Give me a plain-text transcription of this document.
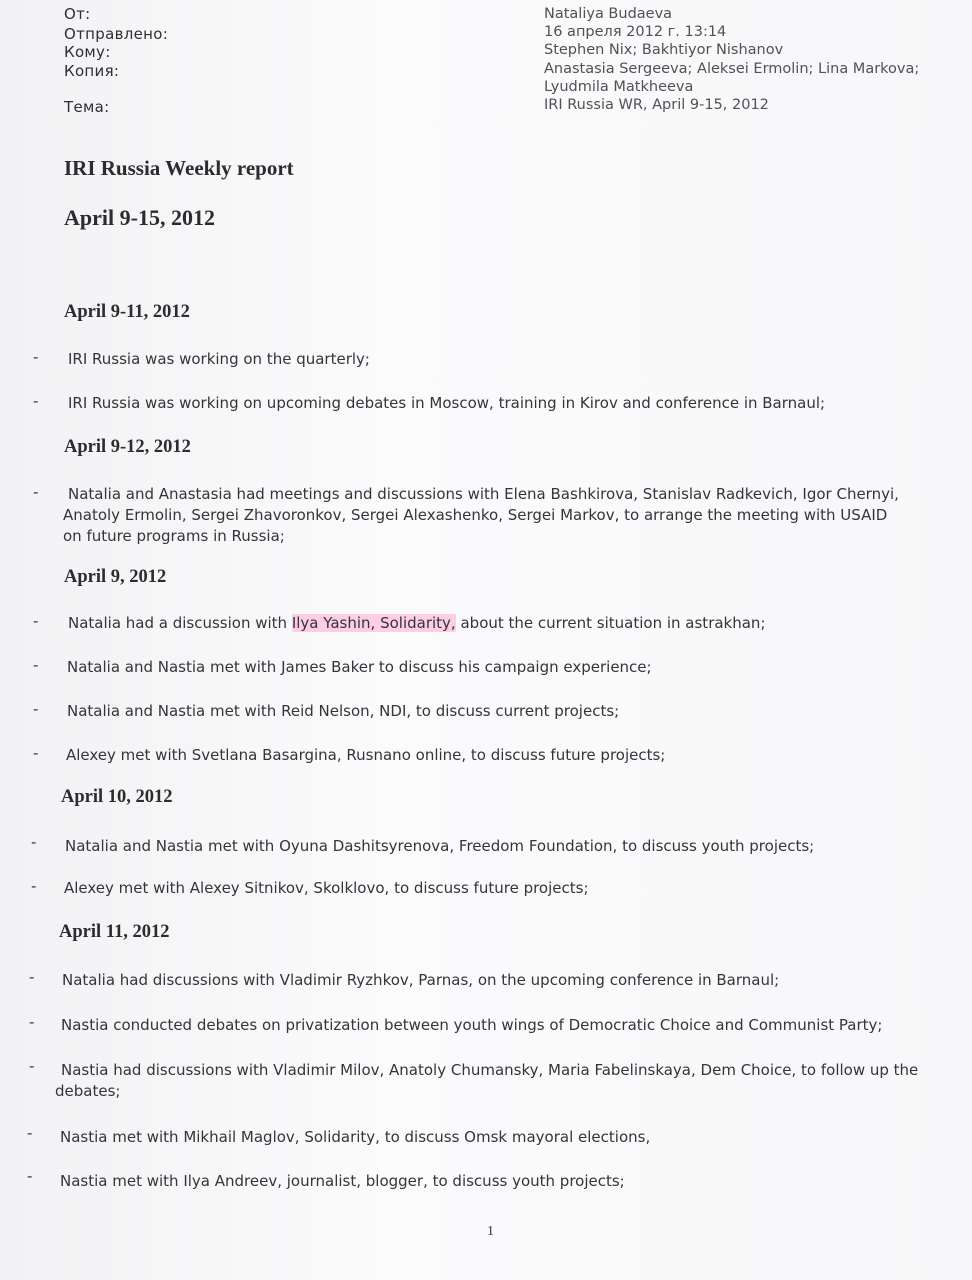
От:	Nataliya Budaeva
Отправлено:	16 апреля 2012 г. 13:14
Кому:	Stephen Nix; Bakhtiyor Nishanov
Копия:	Anastasia Sergeeva; Aleksei Ermolin; Lina Markova;
Lyudmila Matkheeva
Тема:	IRI Russia WR, April 9-15, 2012
IRI Russia Weekly report
April 9-15, 2012
April 9-11, 2012
- IRI Russia was working on the quarterly;
- IRI Russia was working on upcoming debates in Moscow, training in Kirov and conference in Barnaul;
April 9-12, 2012
-	Natalia and Anastasia had meetings and discussions with Elena Bashkirova, Stanislav Radkevich, Igor Chernyi, Anatoly Ermolin, Sergei Zhavoronkov, Sergei Alexashenko, Sergei Markov, to arrange the meeting with USAID on future programs in Russia;
April 9, 2012
- Natalia had a discussion with Ilya Yashin, Solidarity, about the current situation in astrakhan;
- Natalia and Nastia met with James Baker to discuss his campaign experience;
- Natalia and Nastia met with Reid Nelson, NDI, to discuss current projects;
- Alexey met with Svetlana Basargina, Rusnano online, to discuss future projects;
April 10, 2012
- Natalia and Nastia met with Oyuna Dashitsyrenova, Freedom Foundation, to discuss youth projects;
- Alexey met with Alexey Sitnikov, Skolklovo, to discuss future projects;
April 11, 2012
- Natalia had discussions with Vladimir Ryzhkov, Parnas, on the upcoming conference in Barnaul;
- Nastia conducted debates on privatization between youth wings of Democratic Choice and Communist Party;
-	Nastia had discussions with Vladimir Milov, Anatoly Chumansky, Maria Fabelinskaya, Dem Choice, to follow up the debates;
- Nastia met with Mikhail Maglov, Solidarity, to discuss Omsk mayoral elections,
- Nastia met with Ilya Andreev, journalist, blogger, to discuss youth projects;
1
